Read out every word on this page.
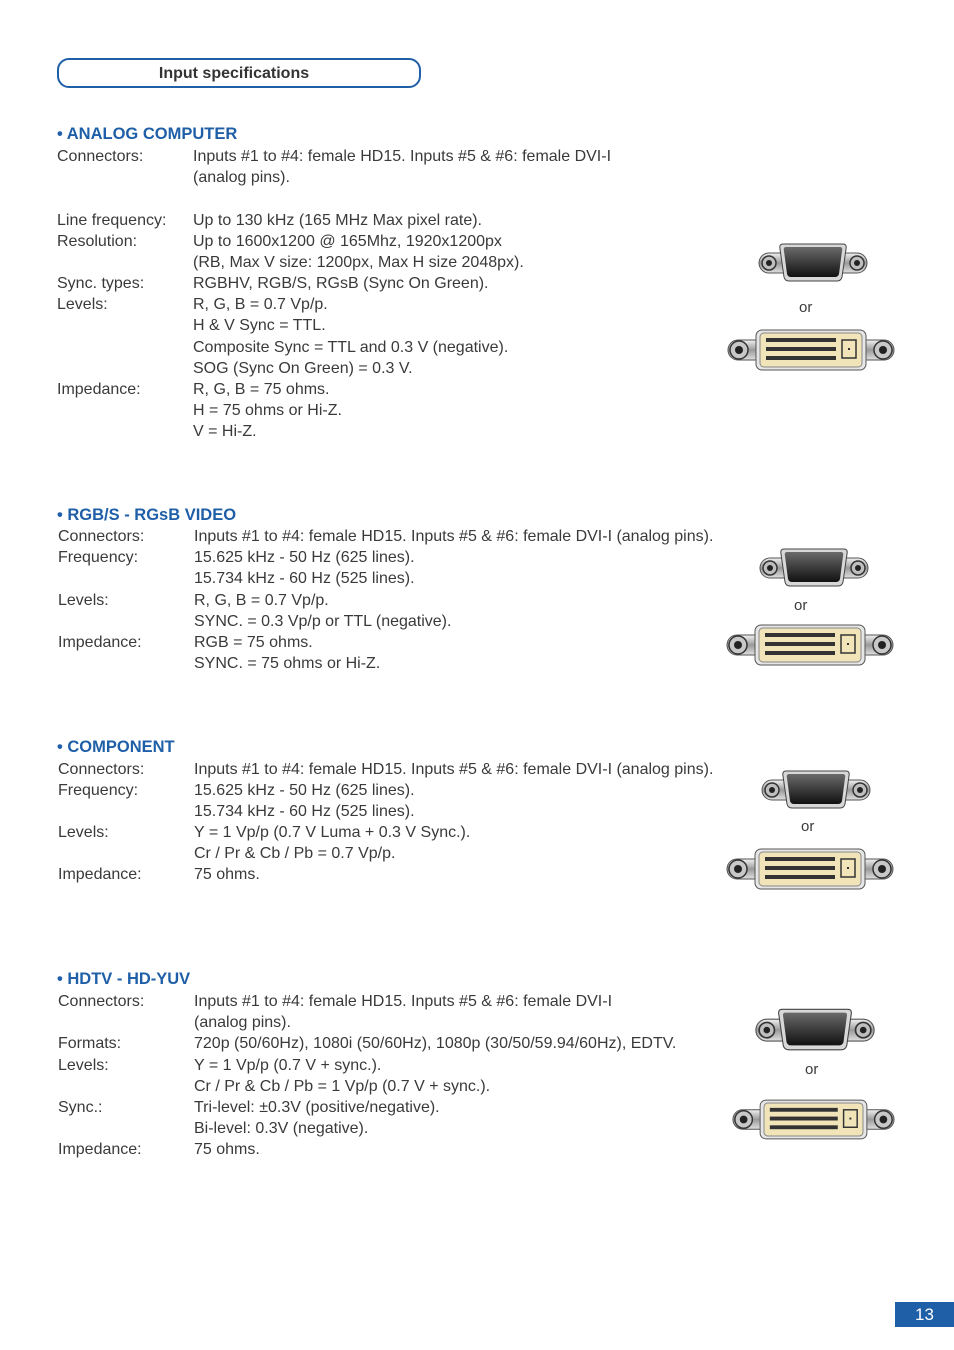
Input specifications
• ANALOG COMPUTER
Connectors:	Inputs #1 to #4: female HD15. Inputs #5 & #6: female DVI-I
(analog pins).
Line frequency: Up to 130 kHz (165 MHz Max pixel rate).
Resolution:	Up to 1600x1200 @ 165Mhz, 1920x1200px
(RB, Max V size: 1200px, Max H size 2048px).
Sync. types:	RGBHV, RGB/S, RGsB (Sync On Green).
Levels:	R, G, B = 0.7 Vp/p.
H & V Sync = TTL.
Composite Sync = TTL and 0.3 V (negative).
SOG (Sync On Green) = 0.3 V.
Impedance:	R, G, B = 75 ohms.
H = 75 ohms or Hi-Z.
V = Hi-Z.
or
• RGB/S - RGsB VIDEO
Connectors:	Inputs #1 to #4: female HD15. Inputs #5 & #6: female DVI-I (analog pins).
Frequency:	15.625 kHz - 50 Hz (625 lines).
15.734 kHz - 60 Hz (525 lines).
Levels:	R, G, B = 0.7 Vp/p.
SYNC. = 0.3 Vp/p or TTL (negative).
Impedance:	RGB = 75 ohms.
SYNC. = 75 ohms or Hi-Z.
or
• COMPONENT
Connectors:	Inputs #1 to #4: female HD15. Inputs #5 & #6: female DVI-I (analog pins).
Frequency:	15.625 kHz - 50 Hz (625 lines).
15.734 kHz - 60 Hz (525 lines).
Levels:	Y = 1 Vp/p (0.7 V Luma + 0.3 V Sync.).
Cr / Pr & Cb / Pb = 0.7 Vp/p.
Impedance:	75 ohms.
or
• HDTV - HD-YUV
Connectors:	Inputs #1 to #4: female HD15. Inputs #5 & #6: female DVI-I
(analog pins).
Formats:	720p (50/60Hz), 1080i (50/60Hz), 1080p (30/50/59.94/60Hz), EDTV.
Levels:	Y = 1 Vp/p (0.7 V + sync.).
Cr / Pr & Cb / Pb = 1 Vp/p (0.7 V + sync.).
Sync.:	Tri-level: ±0.3V (positive/negative).
Bi-level: 0.3V (negative).
Impedance:	75 ohms.
or
13
